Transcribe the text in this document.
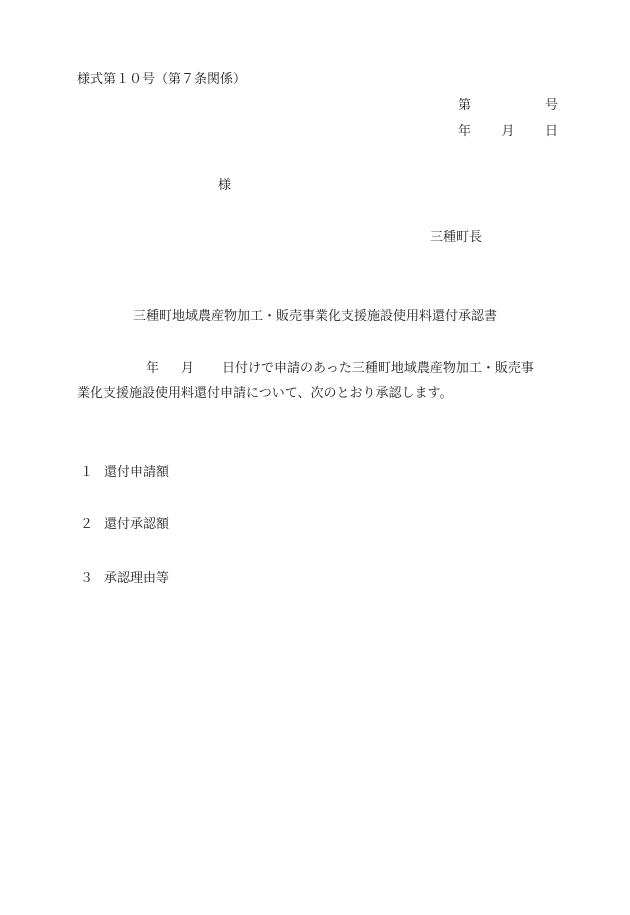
様式第１０号（第７条関係）
第	号
年 月 日
様
三種町長
三種町地域農産物加工・販売事業化支援施設使用料還付承認書
年 月 日付けで申請のあった三種町地域農産物加工・販売事
業化支援施設使用料還付申請について、次のとおり承認します。
１ 還付申請額
２ 還付承認額
３ 承認理由等
